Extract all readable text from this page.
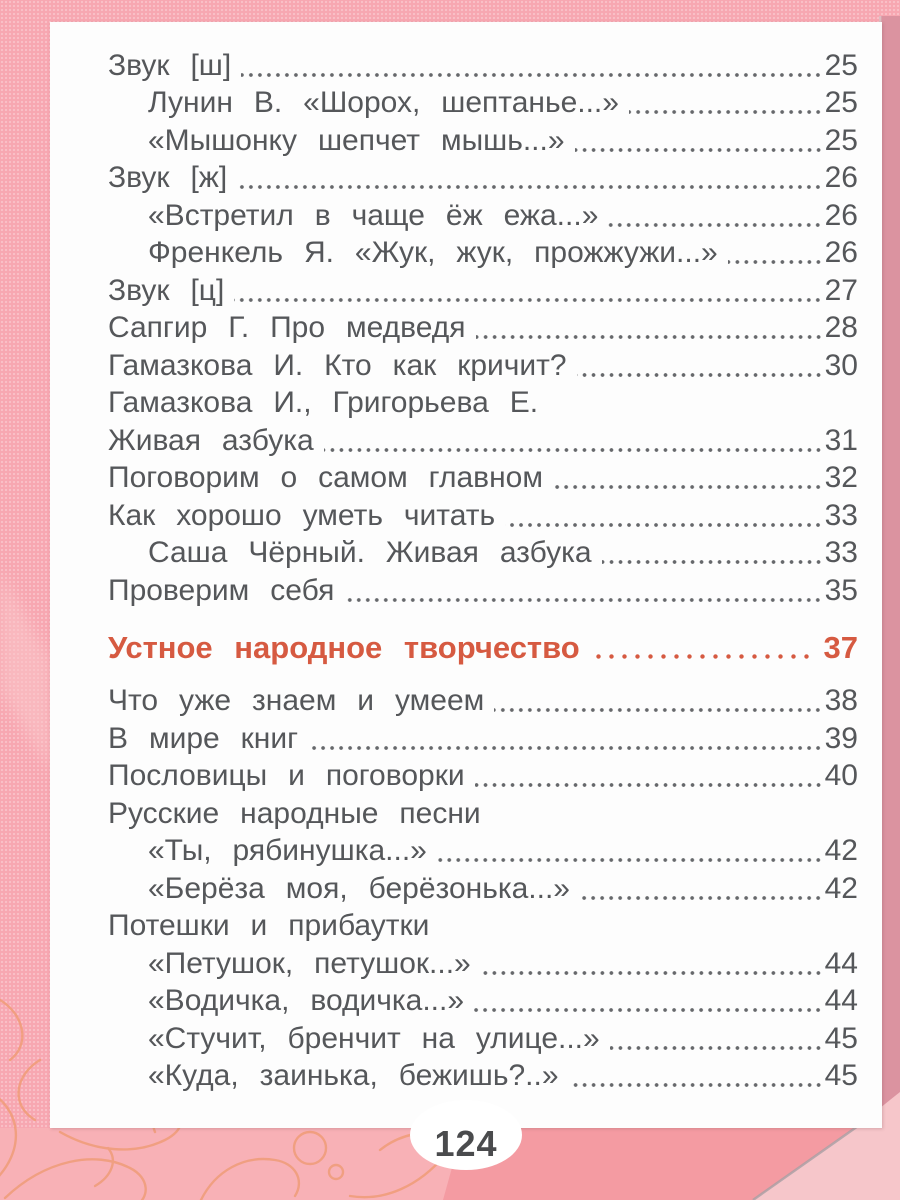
Звук [ш]	25
Лунин В. «Шорох, шептанье...»	25
«Мышонку шепчет мышь...»	25
Звук [ж]	26
«Встретил в чаще ёж ежа...»	26
Френкель Я. «Жук, жук, прожжужи...»	26
Звук [ц]	27
Сапгир Г. Про медведя	28
Гамазкова И. Кто как кричит?	30
Гамазкова И., Григорьева Е.
Живая азбука	31
Поговорим о самом главном	32
Как хорошо уметь читать	33
Саша Чёрный. Живая азбука	33
Проверим себя	35
Устное народное творчество	37
Что уже знаем и умеем	38
В мире книг	39
Пословицы и поговорки	40
Русские народные песни
«Ты, рябинушка...»	42
«Берёза моя, берёзонька...»	42
Потешки и прибаутки
«Петушок, петушок...»	44
«Водичка, водичка...»	44
«Стучит, бренчит на улице...»	45
«Куда, заинька, бежишь?..»	45
124
